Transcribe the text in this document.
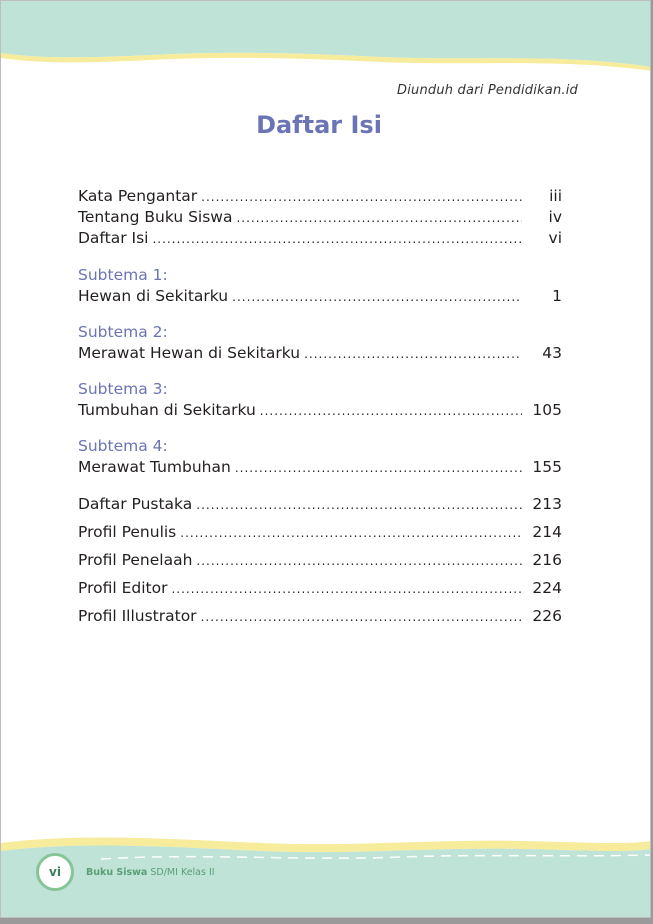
Diunduh dari Pendidikan.id
Daftar Isi
Kata Pengantar .....	iii
Tentang Buku Siswa .....	iv
Daftar Isi .....	vi
Subtema 1:
Hewan di Sekitarku .....	1
Subtema 2:
Merawat Hewan di Sekitarku .....	43
Subtema 3:
Tumbuhan di Sekitarku .....	105
Subtema 4:
Merawat Tumbuhan .....	155
Daftar Pustaka .....	213
Profil Penulis .....	214
Profil Penelaah .....	216
Profil Editor .....	224
Profil Illustrator .....	226
vi	Buku Siswa SD/MI Kelas II
